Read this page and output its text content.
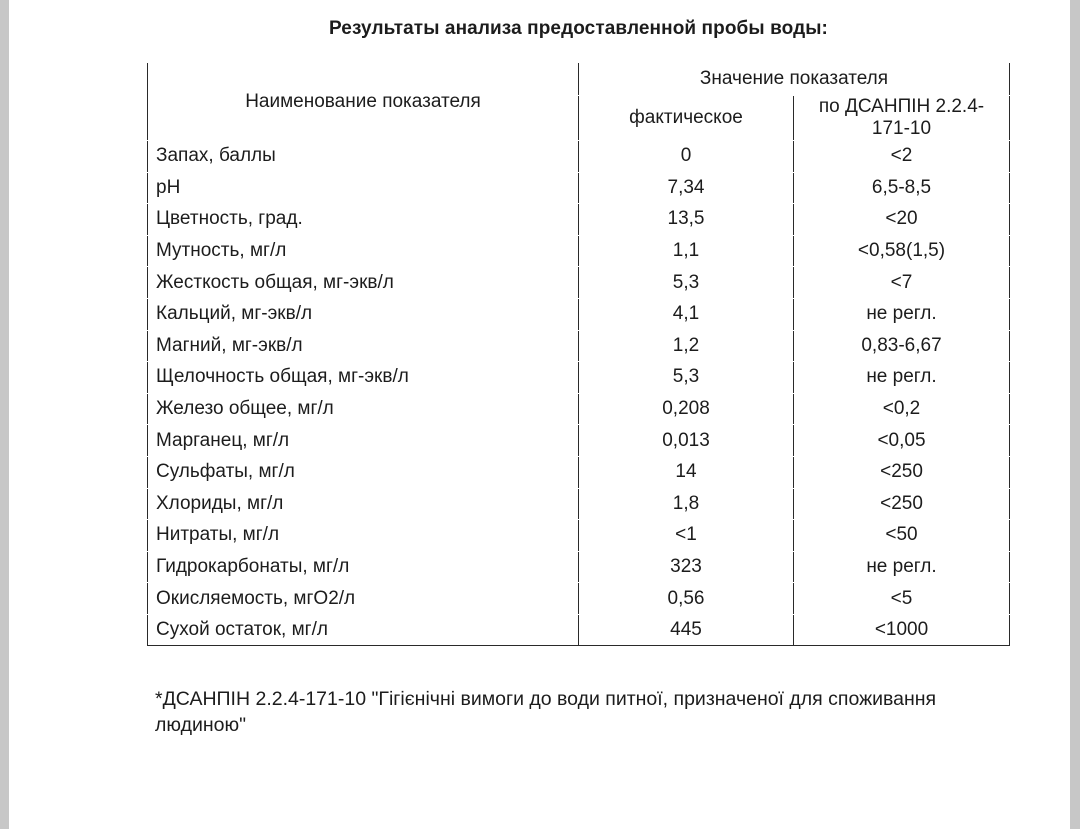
Результаты анализа предоставленной пробы воды:
Наименование показателя	Значение показателя	
	фактическое	по ДСАНПІН 2.2.4-171-10
Запах, баллы	0	<2
pH	7,34	6,5-8,5
Цветность, град.	13,5	<20
Мутность, мг/л	1,1	<0,58(1,5)
Жесткость общая, мг-экв/л	5,3	<7
Кальций, мг-экв/л	4,1	не регл.
Магний, мг-экв/л	1,2	0,83-6,67
Щелочность общая, мг-экв/л	5,3	не регл.
Железо общее, мг/л	0,208	<0,2
Марганец, мг/л	0,013	<0,05
Сульфаты, мг/л	14	<250
Хлориды, мг/л	1,8	<250
Нитраты, мг/л	<1	<50
Гидрокарбонаты, мг/л	323	не регл.
Окисляемость, мгО2/л	0,56	<5
Сухой остаток, мг/л	445	<1000
*ДСАНПІН 2.2.4-171-10 "Гігієнічні вимоги до води питної, призначеної для споживання людиною"
